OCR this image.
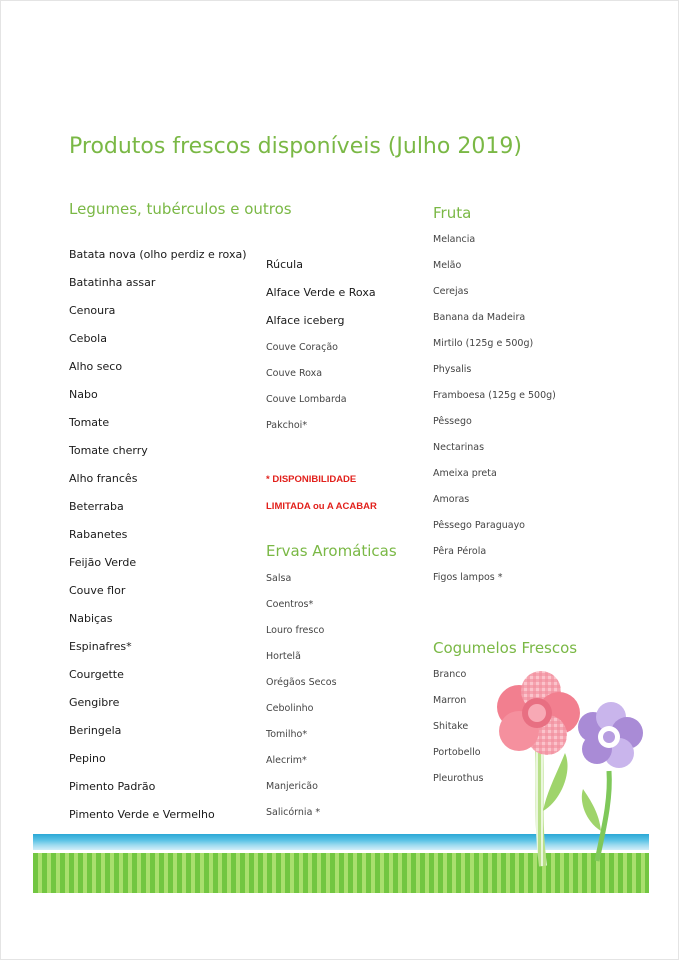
Produtos frescos disponíveis (Julho 2019)
Legumes, tubérculos e outros
Batata nova (olho perdiz e roxa)
Batatinha assar
Cenoura
Cebola
Alho seco
Nabo
Tomate
Tomate cherry
Alho francês
Beterraba
Rabanetes
Feijão Verde
Couve flor
Nabiças
Espinafres*
Courgette
Gengibre
Beringela
Pepino
Pimento Padrão
Pimento Verde e Vermelho
Rúcula
Alface Verde e Roxa
Alface iceberg
Couve Coração
Couve Roxa
Couve Lombarda
Pakchoi*

* DISPONIBILIDADE

LIMITADA ou A ACABAR

Ervas Aromáticas
Salsa
Coentros*
Louro fresco
Hortelã
Orégãos Secos
Cebolinho
Tomilho*
Alecrim*
Manjericão
Salicórnia *
Fruta
Melancia
Melão
Cerejas
Banana da Madeira
Mirtilo (125g e 500g)
Physalis
Framboesa (125g e 500g)
Pêssego
Nectarinas
Ameixa preta
Amoras
Pêssego Paraguayo
Pêra Pérola
Figos lampos *
Cogumelos Frescos
Branco
Marron
Shitake
Portobello
Pleurothus
